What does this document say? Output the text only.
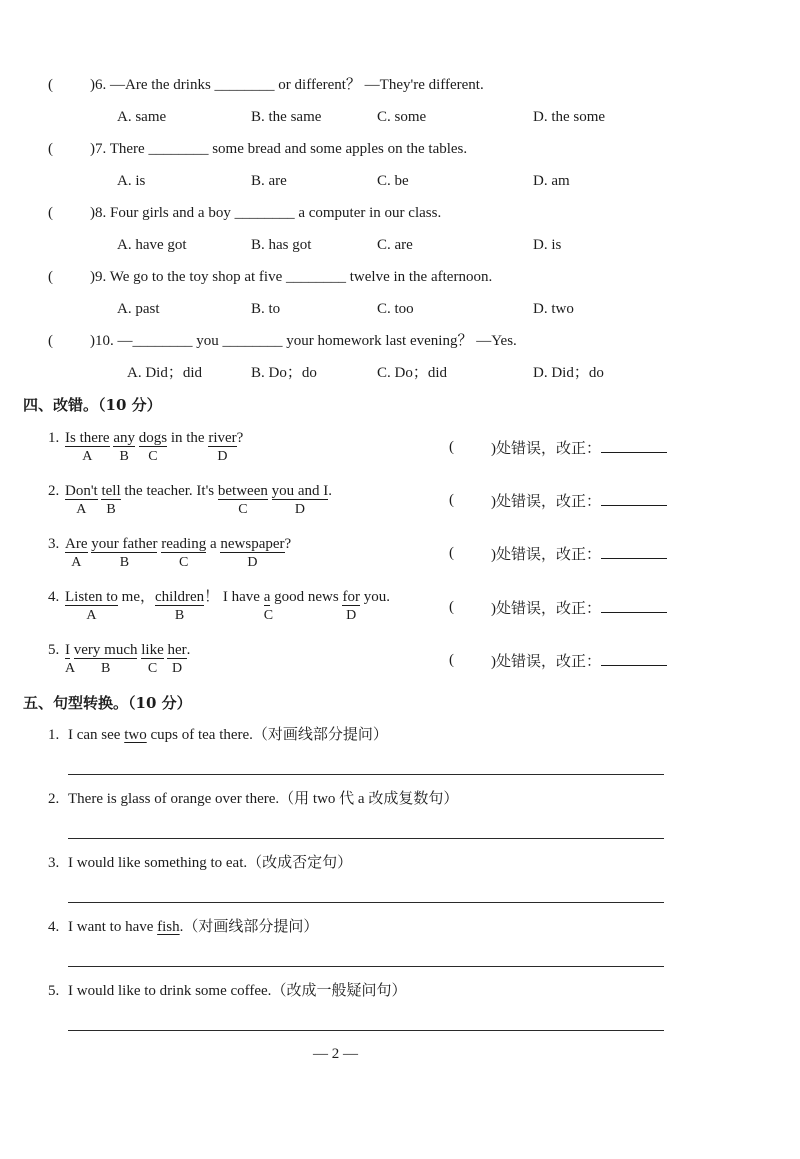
( )6. —Are the drinks ________ or different？ —They're different.
A. same	B. the same	C. some	D. the some
( )7. There ________ some bread and some apples on the tables.
A. is	B. are	C. be	D. am
( )8. Four girls and a boy ________ a computer in our class.
A. have got	B. has got	C. are	D. is
( )9. We go to the toy shop at five ________ twelve in the afternoon.
A. past	B. to	C. too	D. two
( )10. —________ you ________ your homework last evening？ —Yes.
A. Did；did	B. Do；do	C. Do；did	D. Did；do
四、改错。（10 分）
1. Is there
A
any
B
dogs
C
in the river
D
?
( )处错误，改正：
2. Don't
A
tell
B
the teacher. It's between
C
you and I
D
.
( )处错误，改正：
3. Are
A
your father
B
reading
C
a newspaper
D
?
( )处错误，改正：
4. Listen to
A
me，children
B
！ I have a
C
good news for
D
you.
( )处错误，改正：
5. I
A
very much
B
like
C
her
D
.
( )处错误，改正：
五、句型转换。（10 分）
1. I can see two cups of tea there.（对画线部分提问）
2. There is glass of orange over there.（用 two 代 a 改成复数句）
3. I would like something to eat.（改成否定句）
4. I want to have fish.（对画线部分提问）
5. I would like to drink some coffee.（改成一般疑问句）
— 2 —
